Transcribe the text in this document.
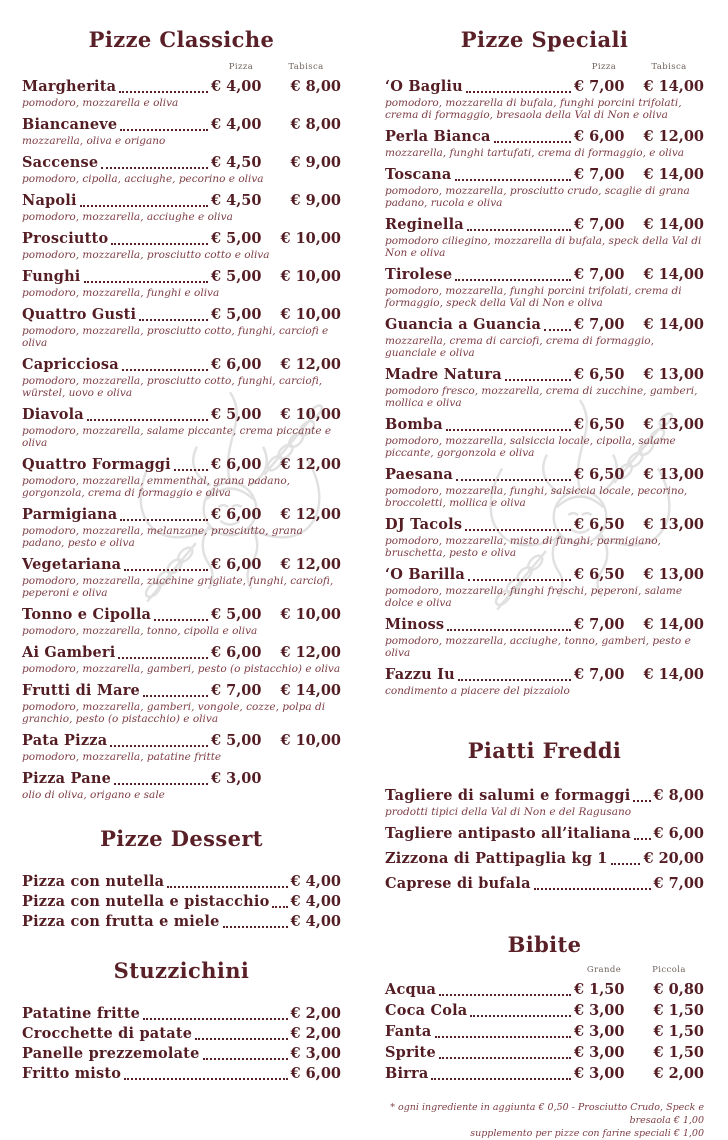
Pizze Classiche
Pizza	Tabisca
Margherita	€ 4,00	€ 8,00
pomodoro, mozzarella e oliva
Biancaneve	€ 4,00	€ 8,00
mozzarella, oliva e origano
Saccense	€ 4,50	€ 9,00
pomodoro, cipolla, acciughe, pecorino e oliva
Napoli	€ 4,50	€ 9,00
pomodoro, mozzarella, acciughe e oliva
Prosciutto	€ 5,00	€ 10,00
pomodoro, mozzarella, prosciutto cotto e oliva
Funghi	€ 5,00	€ 10,00
pomodoro, mozzarella, funghi e oliva
Quattro Gusti	€ 5,00	€ 10,00
pomodoro, mozzarella, prosciutto cotto, funghi, carciofi e oliva
Capricciosa	€ 6,00	€ 12,00
pomodoro, mozzarella, prosciutto cotto, funghi, carciofi, würstel, uovo e oliva
Diavola	€ 5,00	€ 10,00
pomodoro, mozzarella, salame piccante, crema piccante e oliva
Quattro Formaggi	€ 6,00	€ 12,00
pomodoro, mozzarella, emmenthal, grana padano, gorgonzola, crema di formaggio e oliva
Parmigiana	€ 6,00	€ 12,00
pomodoro, mozzarella, melanzane, prosciutto, grana padano, pesto e oliva
Vegetariana	€ 6,00	€ 12,00
pomodoro, mozzarella, zucchine grigliate, funghi, carciofi, peperoni e oliva
Tonno e Cipolla	€ 5,00	€ 10,00
pomodoro, mozzarella, tonno, cipolla e oliva
Ai Gamberi	€ 6,00	€ 12,00
pomodoro, mozzarella, gamberi, pesto (o pistacchio) e oliva
Frutti di Mare	€ 7,00	€ 14,00
pomodoro, mozzarella, gamberi, vongole, cozze, polpa di granchio, pesto (o pistacchio) e oliva
Pata Pizza	€ 5,00	€ 10,00
pomodoro, mozzarella, patatine fritte
Pizza Pane	€ 3,00
olio di oliva, origano e sale
Pizze Dessert
Pizza con nutella	€ 4,00
Pizza con nutella e pistacchio € 4,00
Pizza con frutta e miele	€ 4,00
Stuzzichini
Patatine fritte	€ 2,00
Crocchette di patate	€ 2,00
Panelle prezzemolate	€ 3,00
Fritto misto	€ 6,00
Pizze Speciali
Pizza	Tabisca
‘O Bagliu	€ 7,00	€ 14,00
pomodoro, mozzarella di bufala, funghi porcini trifolati, crema di formaggio, bresaola della Val di Non e oliva
Perla Bianca	€ 6,00	€ 12,00
mozzarella, funghi tartufati, crema di formaggio, e oliva
Toscana	€ 7,00	€ 14,00
pomodoro, mozzarella, prosciutto crudo, scaglie di grana padano, rucola e oliva
Reginella	€ 7,00	€ 14,00
pomodoro ciliegino, mozzarella di bufala, speck della Val di Non e oliva
Tirolese	€ 7,00	€ 14,00
pomodoro, mozzarella, funghi porcini trifolati, crema di formaggio, speck della Val di Non e oliva
Guancia a Guancia € 7,00	€ 14,00
mozzarella, crema di carciofi, crema di formaggio, guanciale e oliva
Madre Natura	€ 6,50	€ 13,00
pomodoro fresco, mozzarella, crema di zucchine, gamberi, mollica e oliva
Bomba	€ 6,50	€ 13,00
pomodoro, mozzarella, salsiccia locale, cipolla, salame piccante, gorgonzola e oliva
Paesana	€ 6,50	€ 13,00
pomodoro, mozzarella, funghi, salsiccia locale, pecorino, broccoletti, mollica e oliva
DJ Tacols	€ 6,50	€ 13,00
pomodoro, mozzarella, misto di funghi, parmigiano, bruschetta, pesto e oliva
‘O Barilla	€ 6,50	€ 13,00
pomodoro, mozzarella, funghi freschi, peperoni, salame dolce e oliva
Minoss	€ 7,00	€ 14,00
pomodoro, mozzarella, acciughe, tonno, gamberi, pesto e oliva
Fazzu Iu	€ 7,00	€ 14,00
condimento a piacere del pizzaiolo
Piatti Freddi
Tagliere di salumi e formaggi € 8,00
prodotti tipici della Val di Non e del Ragusano
Tagliere antipasto all’italiana € 6,00
Zizzona di Pattipaglia kg 1 € 20,00
Caprese di bufala	€ 7,00
Bibite
Grande	Piccola
Acqua	€ 1,50	€ 0,80
Coca Cola	€ 3,00	€ 1,50
Fanta	€ 3,00	€ 1,50
Sprite	€ 3,00	€ 1,50
Birra	€ 3,00	€ 2,00
* ogni ingrediente in aggiunta € 0,50 - Prosciutto Crudo, Speck e bresaola € 1,00
supplemento per pizze con farine speciali € 1,00
